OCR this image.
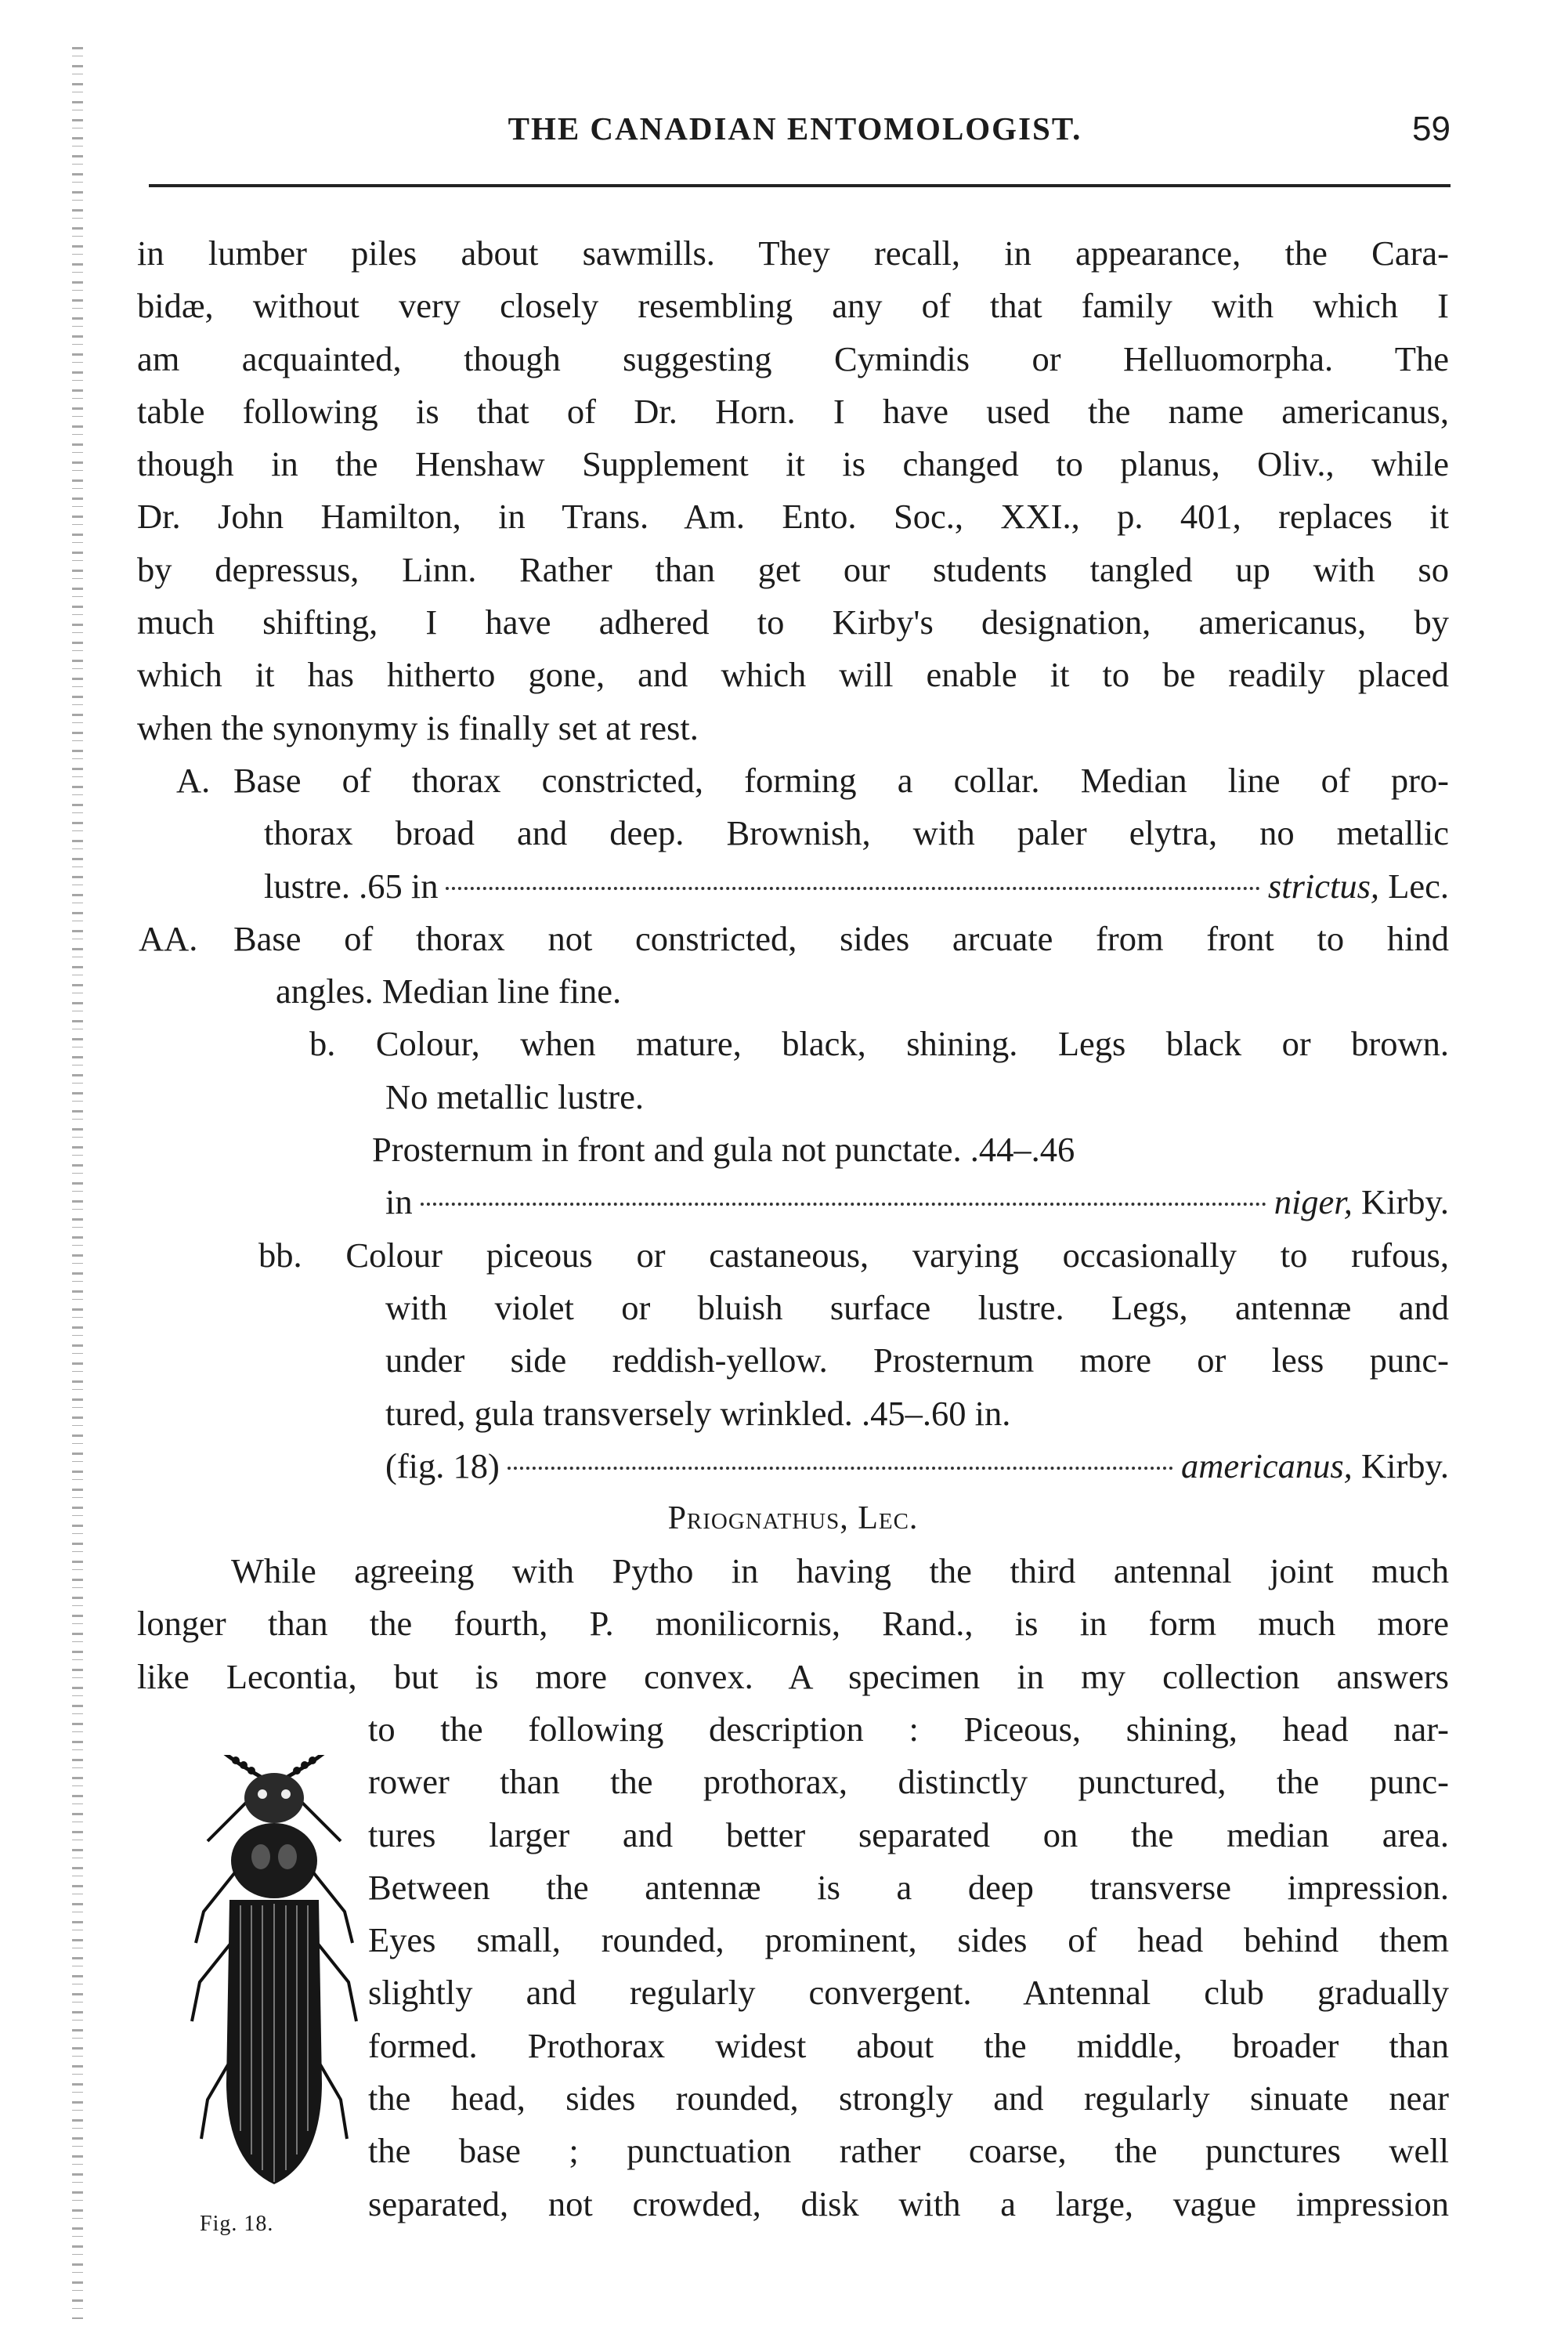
THE CANADIAN ENTOMOLOGIST.	59
in lumber piles about sawmills. They recall, in appearance, the Cara-
bidæ, without very closely resembling any of that family with which I
am acquainted, though suggesting Cymindis or Helluomorpha. The
table following is that of Dr. Horn. I have used the name americanus,
though in the Henshaw Supplement it is changed to planus, Oliv., while
Dr. John Hamilton, in Trans. Am. Ento. Soc., XXI., p. 401, replaces it
by depressus, Linn. Rather than get our students tangled up with so
much shifting, I have adhered to Kirby's designation, americanus, by
which it has hitherto gone, and which will enable it to be readily placed
when the synonymy is finally set at rest.
A. Base of thorax constricted, forming a collar. Median line of pro-
thorax broad and deep. Brownish, with paler elytra, no metallic
lustre. .65 in	strictus,
Lec.
AA. Base of thorax not constricted, sides arcuate from front to hind
angles. Median line fine.
b. Colour, when mature, black, shining. Legs black or brown.
No metallic lustre.
Prosternum in front and gula not punctate. .44–.46
in	niger,
Kirby.
bb. Colour piceous or castaneous, varying occasionally to rufous,
with violet or bluish surface lustre. Legs, antennæ and
under side reddish-yellow. Prosternum more or less punc-
tured, gula transversely wrinkled. .45–.60 in.
(fig. 18)	americanus,
Kirby.
Priognathus, Lec.
While agreeing with Pytho in having the third antennal joint much
longer than the fourth, P. monilicornis, Rand., is in form much more
like Lecontia, but is more convex. A specimen in my collection answers
Fig. 18.
to the following description : Piceous, shining, head nar-
rower than the prothorax, distinctly punctured, the punc-
tures larger and better separated on the median area.
Between the antennæ is a deep transverse impression.
Eyes small, rounded, prominent, sides of head behind them
slightly and regularly convergent. Antennal club gradually
formed. Prothorax widest about the middle, broader than
the head, sides rounded, strongly and regularly sinuate near
the base ; punctuation rather coarse, the punctures well
separated, not crowded, disk with a large, vague impression
